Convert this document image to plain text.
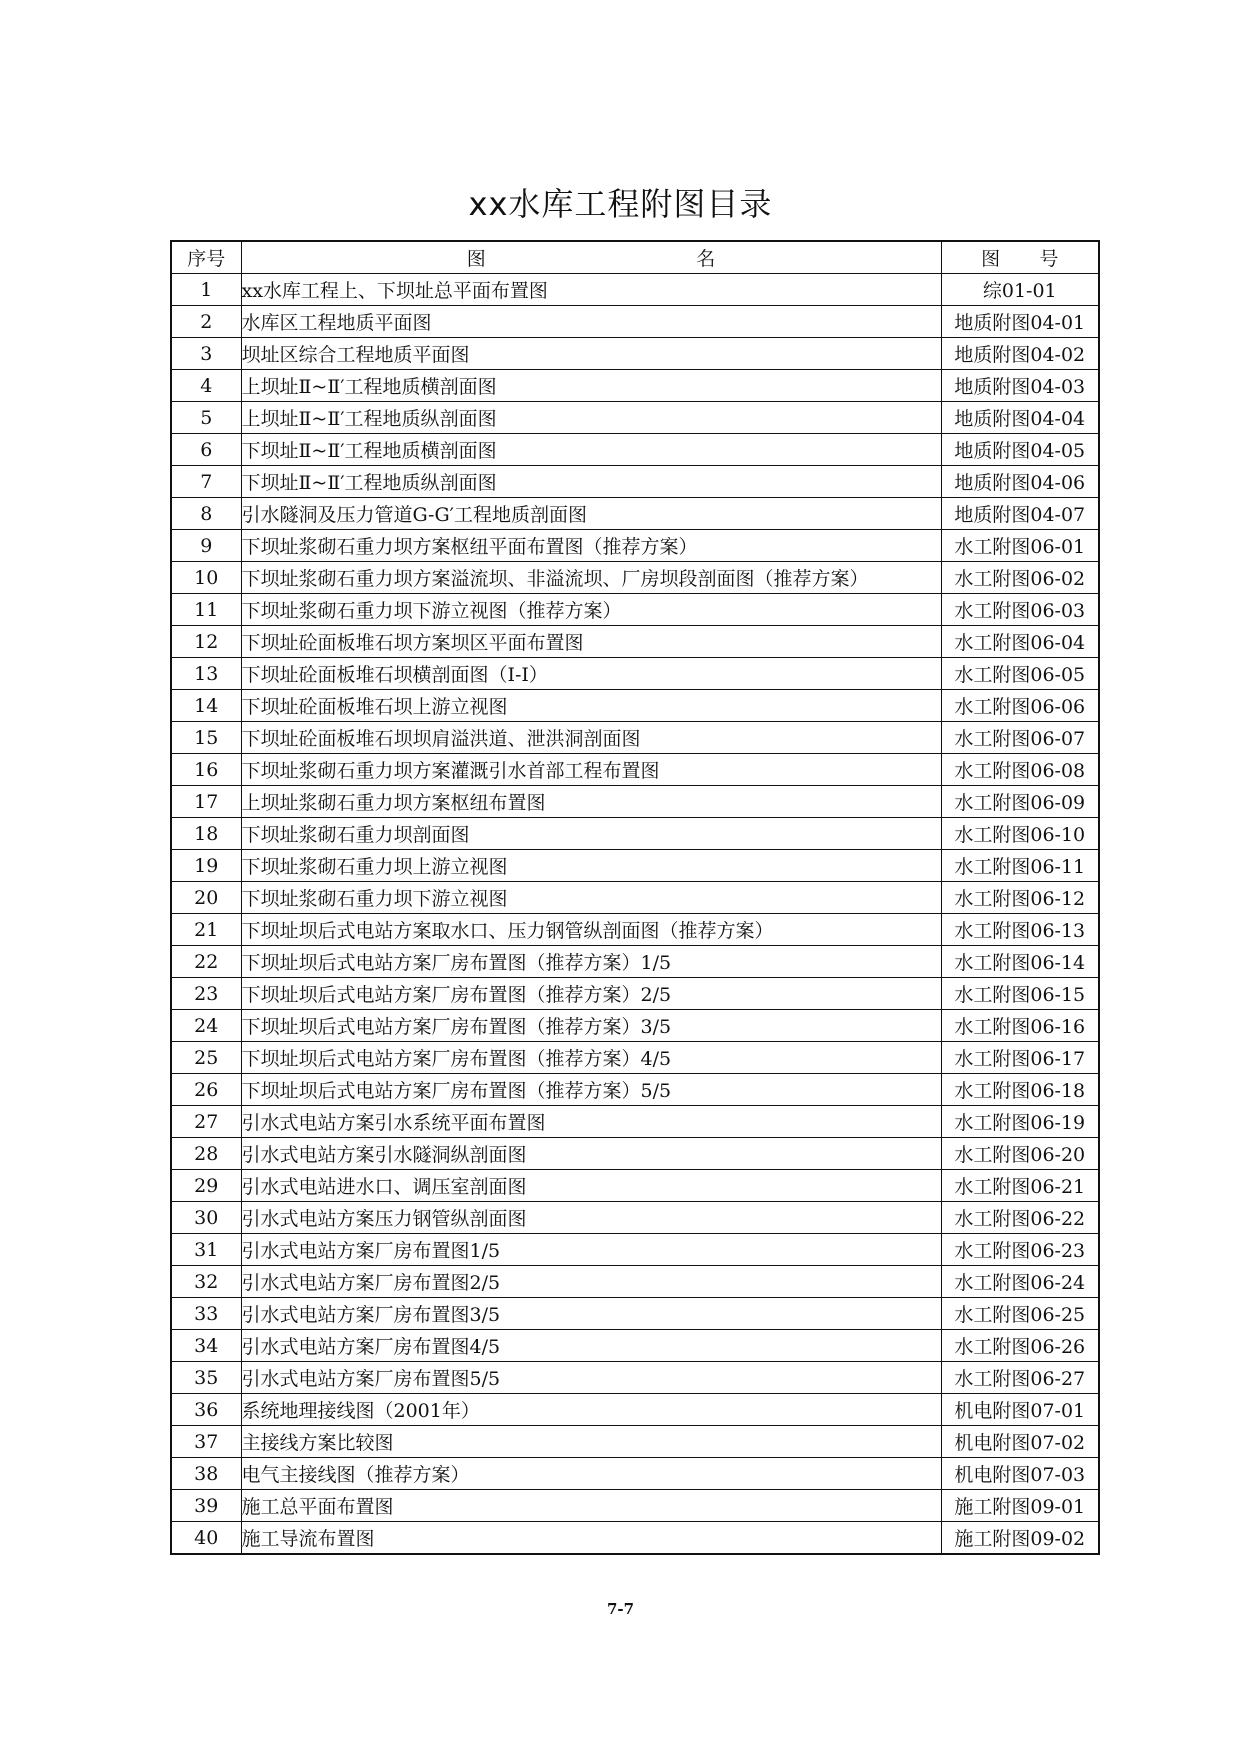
xx水库工程附图目录
序号	图 名	图 号

1	xx水库工程上、下坝址总平面布置图	综01-01
2	水库区工程地质平面图	地质附图04-01
3	坝址区综合工程地质平面图	地质附图04-02
4	上坝址Ⅱ~Ⅱ′工程地质横剖面图	地质附图04-03
5	上坝址Ⅱ~Ⅱ′工程地质纵剖面图	地质附图04-04
6	下坝址Ⅱ~Ⅱ′工程地质横剖面图	地质附图04-05
7	下坝址Ⅱ~Ⅱ′工程地质纵剖面图	地质附图04-06
8	引水隧洞及压力管道G-G′工程地质剖面图	地质附图04-07
9	下坝址浆砌石重力坝方案枢纽平面布置图（推荐方案）	水工附图06-01
10	下坝址浆砌石重力坝方案溢流坝、非溢流坝、厂房坝段剖面图（推荐方案）	水工附图06-02
11	下坝址浆砌石重力坝下游立视图（推荐方案）	水工附图06-03
12	下坝址砼面板堆石坝方案坝区平面布置图	水工附图06-04
13	下坝址砼面板堆石坝横剖面图（Ⅰ-Ⅰ）	水工附图06-05
14	下坝址砼面板堆石坝上游立视图	水工附图06-06
15	下坝址砼面板堆石坝坝肩溢洪道、泄洪洞剖面图	水工附图06-07
16	下坝址浆砌石重力坝方案灌溉引水首部工程布置图	水工附图06-08
17	上坝址浆砌石重力坝方案枢纽布置图	水工附图06-09
18	下坝址浆砌石重力坝剖面图	水工附图06-10
19	下坝址浆砌石重力坝上游立视图	水工附图06-11
20	下坝址浆砌石重力坝下游立视图	水工附图06-12
21	下坝址坝后式电站方案取水口、压力钢管纵剖面图（推荐方案）	水工附图06-13
22	下坝址坝后式电站方案厂房布置图（推荐方案）1/5	水工附图06-14
23	下坝址坝后式电站方案厂房布置图（推荐方案）2/5	水工附图06-15
24	下坝址坝后式电站方案厂房布置图（推荐方案）3/5	水工附图06-16
25	下坝址坝后式电站方案厂房布置图（推荐方案）4/5	水工附图06-17
26	下坝址坝后式电站方案厂房布置图（推荐方案）5/5	水工附图06-18
27	引水式电站方案引水系统平面布置图	水工附图06-19
28	引水式电站方案引水隧洞纵剖面图	水工附图06-20
29	引水式电站进水口、调压室剖面图	水工附图06-21
30	引水式电站方案压力钢管纵剖面图	水工附图06-22
31	引水式电站方案厂房布置图1/5	水工附图06-23
32	引水式电站方案厂房布置图2/5	水工附图06-24
33	引水式电站方案厂房布置图3/5	水工附图06-25
34	引水式电站方案厂房布置图4/5	水工附图06-26
35	引水式电站方案厂房布置图5/5	水工附图06-27
36	系统地理接线图（2001年）	机电附图07-01
37	主接线方案比较图	机电附图07-02
38	电气主接线图（推荐方案）	机电附图07-03
39	施工总平面布置图	施工附图09-01
40	施工导流布置图	施工附图09-02
7-7
